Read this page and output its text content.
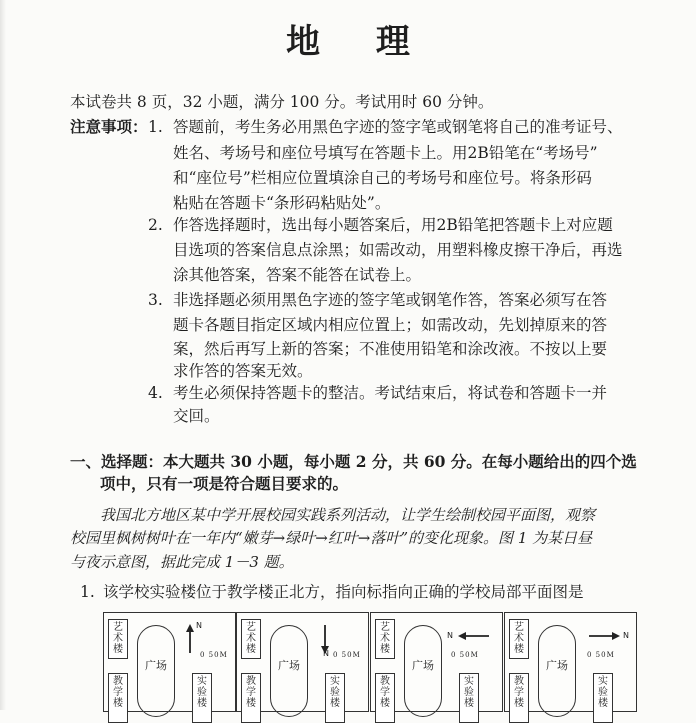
地 理
本试卷共 8 页，32 小题，满分 100 分。考试用时 60 分钟。
注意事项： 1. 答题前，考生务必用黑色字迹的签字笔或钢笔将自己的准考证号、
姓名、考场号和座位号填写在答题卡上。用2B铅笔在“考场号”
和“座位号”栏相应位置填涂自己的考场号和座位号。将条形码
粘贴在答题卡“条形码粘贴处”。
2. 作答选择题时，选出每小题答案后，用2B铅笔把答题卡上对应题
目选项的答案信息点涂黑；如需改动，用塑料橡皮擦干净后，再选
涂其他答案，答案不能答在试卷上。
3. 非选择题必须用黑色字迹的签字笔或钢笔作答，答案必须写在答
题卡各题目指定区域内相应位置上；如需改动，先划掉原来的答
案，然后再写上新的答案；不准使用铅笔和涂改液。不按以上要
求作答的答案无效。
4. 考生必须保持答题卡的整洁。考试结束后，将试卷和答题卡一并
交回。
一、选择题：本大题共 30 小题，每小题 2 分，共 60 分。在每小题给出的四个选
项中，只有一项是符合题目要求的。
我国北方地区某中学开展校园实践系列活动，让学生绘制校园平面图，观察
校园里枫树树叶在一年内“嫩芽→绿叶→红叶→落叶”的变化现象。图 1 为某日昼
与夜示意图，据此完成 1－3 题。
1. 该学校实验楼位于教学楼正北方，指向标指向正确的学校局部平面图是
艺术楼
广场
教学楼
实验楼
N
0 50M
艺术楼
广场
教学楼
实验楼
N 0 50M
艺术楼
广场
教学楼
实验楼
N
0 50M
艺术楼
广场
教学楼
实验楼
N
0 50M
